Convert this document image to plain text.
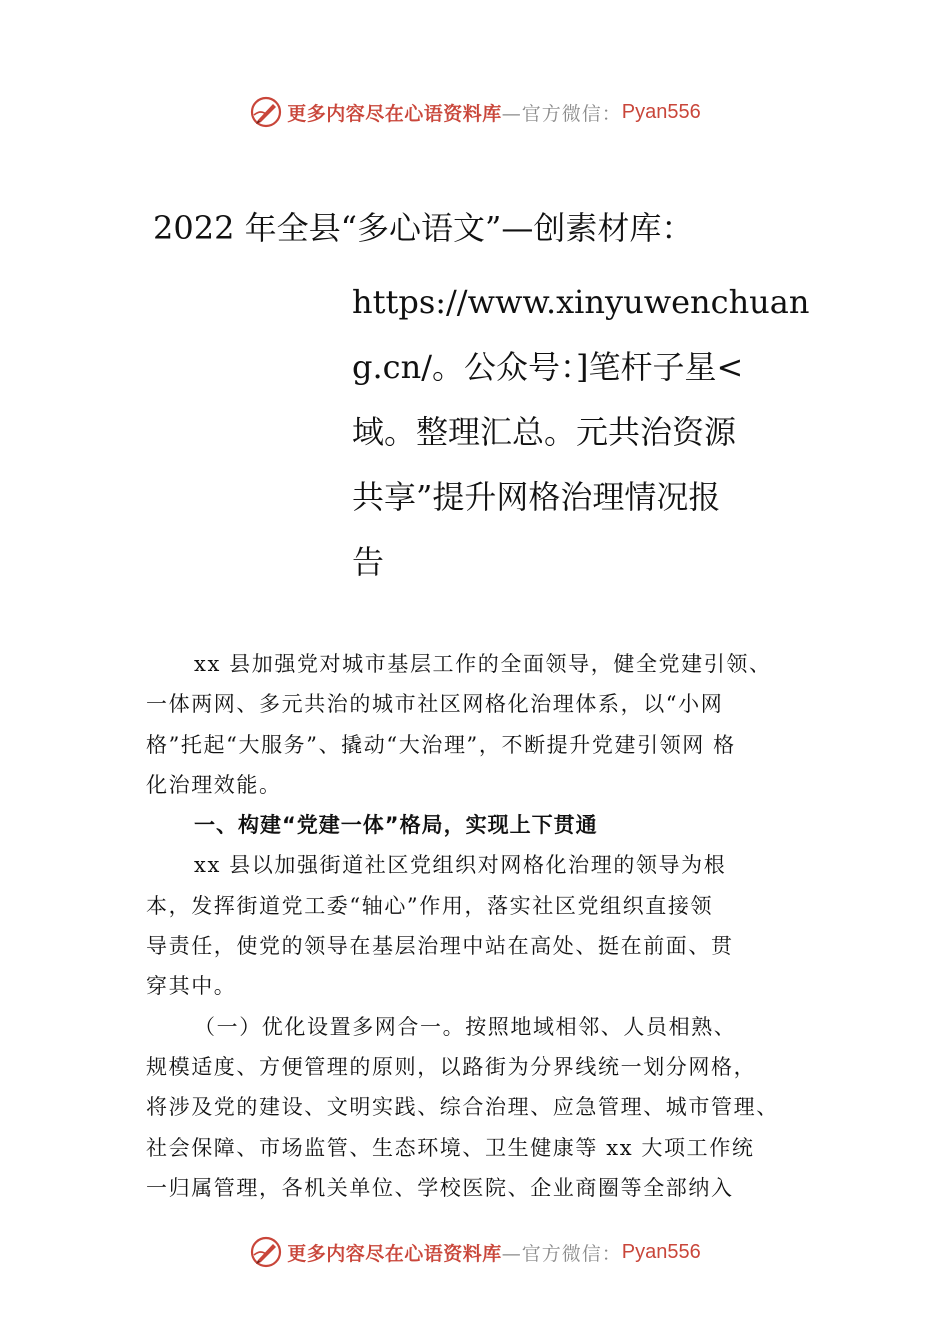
更多内容尽在心语资料库 —官方微信： Pyan556
2022 年全县“多心语文”—创素材库：
https://www.xinyuwenchuan
g.cn/。公众号：]笔杆子星<
域。整理汇总。元共治资源
共享”提升网格治理情况报
告
xx 县加强党对城市基层工作的全面领导，健全党建引领、
一体两网、多元共治的城市社区网格化治理体系，以“小网
格”托起“大服务”、撬动“大治理”，不断提升党建引领网 格
化治理效能。
一、构建“党建一体”格局，实现上下贯通
xx 县以加强街道社区党组织对网格化治理的领导为根
本，发挥街道党工委“轴心”作用，落实社区党组织直接领
导责任，使党的领导在基层治理中站在高处、挺在前面、贯
穿其中。
（一）优化设置多网合一。按照地域相邻、人员相熟、
规模适度、方便管理的原则，以路街为分界线统一划分网格，
将涉及党的建设、文明实践、综合治理、应急管理、城市管理、
社会保障、市场监管、生态环境、卫生健康等 xx 大项工作统
一归属管理，各机关单位、学校医院、企业商圈等全部纳入
更多内容尽在心语资料库 —官方微信： Pyan556
